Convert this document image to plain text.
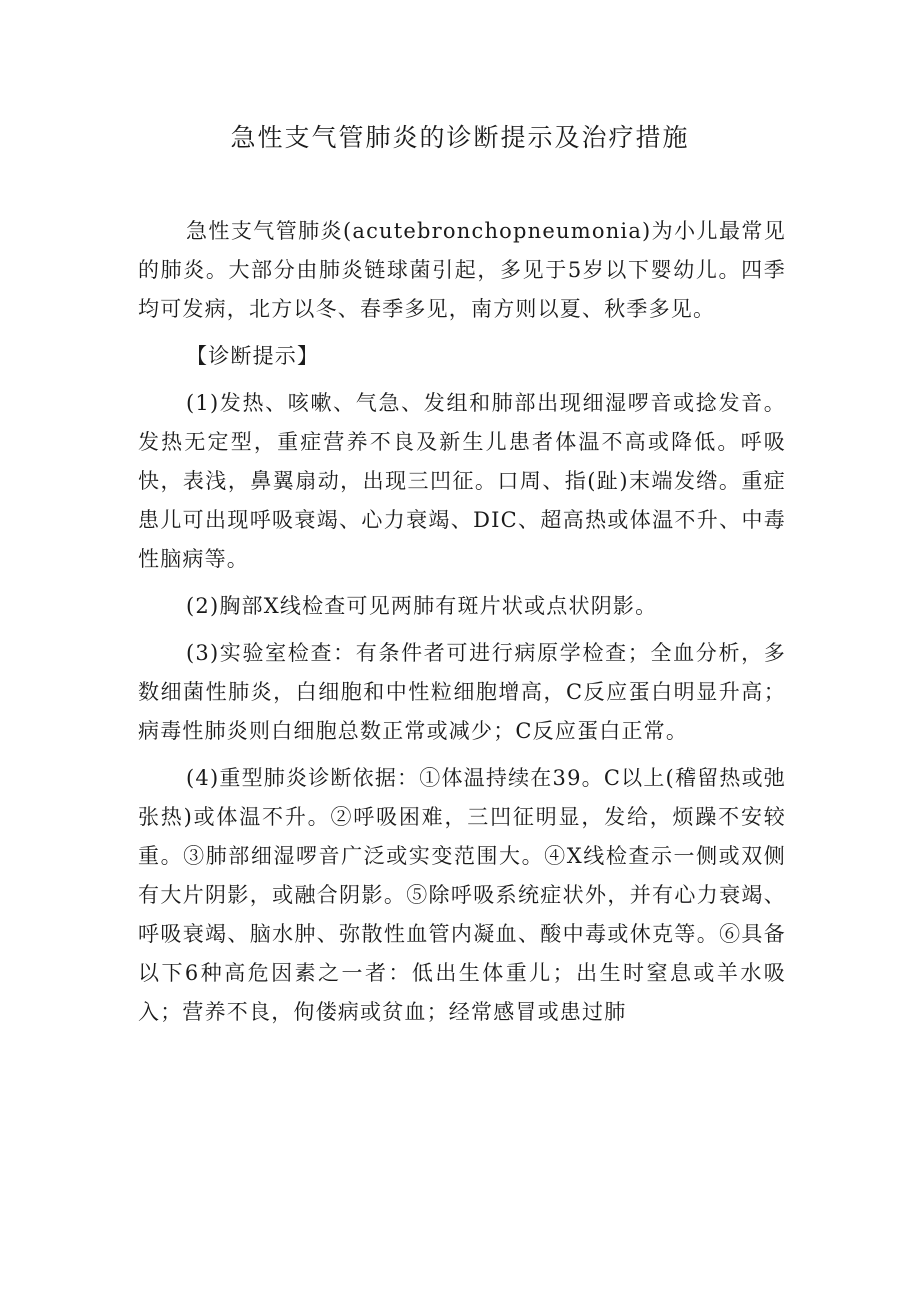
急性支气管肺炎的诊断提示及治疗措施

急性支气管肺炎(acutebronchopneumonia)为小儿最常见的肺炎。大部分由肺炎链球菌引起，多见于5岁以下婴幼儿。四季均可发病，北方以冬、春季多见，南方则以夏、秋季多见。

【诊断提示】

(1)发热、咳嗽、气急、发组和肺部出现细湿啰音或捻发音。发热无定型，重症营养不良及新生儿患者体温不高或降低。呼吸快，表浅，鼻翼扇动，出现三凹征。口周、指(趾)末端发绺。重症患儿可出现呼吸衰竭、心力衰竭、DIC、超高热或体温不升、中毒性脑病等。

(2)胸部X线检查可见两肺有斑片状或点状阴影。

(3)实验室检查：有条件者可进行病原学检查；全血分析，多数细菌性肺炎，白细胞和中性粒细胞增高，C反应蛋白明显升高；病毒性肺炎则白细胞总数正常或减少；C反应蛋白正常。

(4)重型肺炎诊断依据：①体温持续在39。C以上(稽留热或弛张热)或体温不升。②呼吸困难，三凹征明显，发给，烦躁不安较重。③肺部细湿啰音广泛或实变范围大。④X线检查示一侧或双侧有大片阴影，或融合阴影。⑤除呼吸系统症状外，并有心力衰竭、呼吸衰竭、脑水肿、弥散性血管内凝血、酸中毒或休克等。⑥具备以下6种高危因素之一者：低出生体重儿；出生时窒息或羊水吸入；营养不良，佝偻病或贫血；经常感冒或患过肺
